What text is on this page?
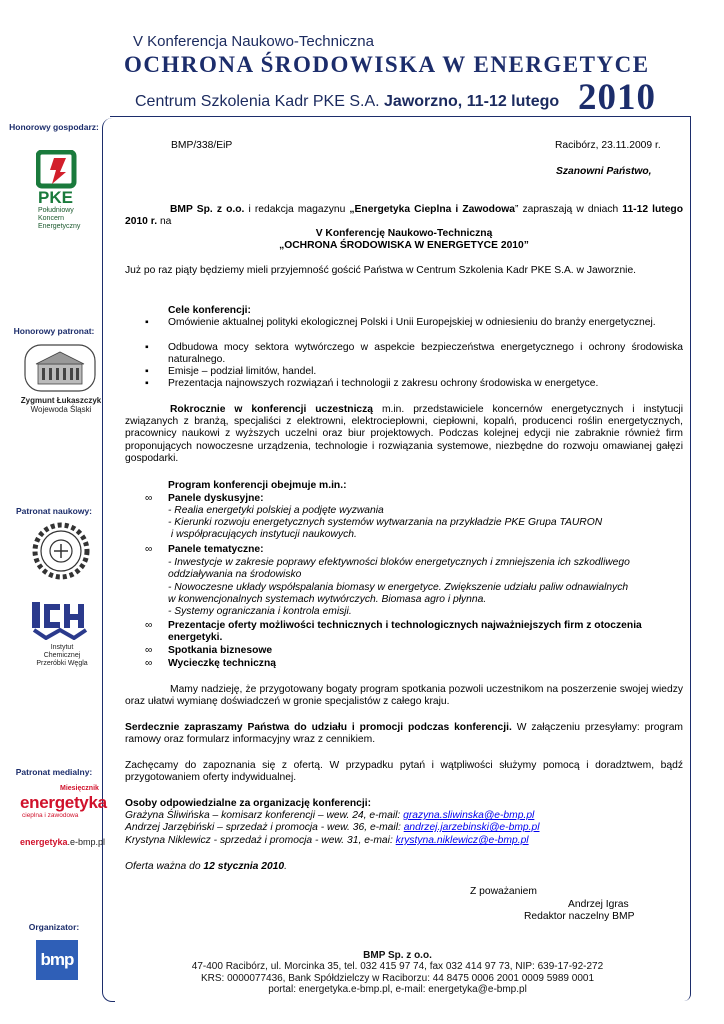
V Konferencja Naukowo-Techniczna
OCHRONA ŚRODOWISKA W ENERGETYCE
Centrum Szkolenia Kadr PKE S.A. Jaworzno, 11-12 lutego 2010
Honorowy gospodarz:
PKE
Południowy
Koncern
Energetyczny
Honorowy patronat:
Zygmunt Łukaszczyk
Wojewoda Śląski
Patronat naukowy:
Instytut
Chemicznej
Przeróbki Węgla
Patronat medialny:
Miesięcznik
energetyka
cieplna i zawodowa
energetyka.e-bmp.pl
Organizator:
bmp
BMP/338/EiP	Racibórz, 23.11.2009 r.
Szanowni Państwo,
BMP Sp. z o.o. i redakcja magazynu „Energetyka Cieplna i Zawodowa” zapraszają w dniach 11-12 lutego 2010 r. na
V Konferencję Naukowo-Techniczną
„OCHRONA ŚRODOWISKA W ENERGETYCE 2010”
Już po raz piąty będziemy mieli przyjemność gościć Państwa w Centrum Szkolenia Kadr PKE S.A. w Jaworznie.
Cele konferencji:
▪ Omówienie aktualnej polityki ekologicznej Polski i Unii Europejskiej w odniesieniu do branży energetycznej.
▪ Odbudowa mocy sektora wytwórczego w aspekcie bezpieczeństwa energetycznego i ochrony środowiska naturalnego.
▪ Emisje – podział limitów, handel.
▪ Prezentacja najnowszych rozwiązań i technologii z zakresu ochrony środowiska w energetyce.
Rokrocznie w konferencji uczestniczą m.in. przedstawiciele koncernów energetycznych i instytucji związanych z branżą, specjaliści z elektrowni, elektrociepłowni, ciepłowni, kopalń, producenci roślin energetycznych, pracownicy naukowi z wyższych uczelni oraz biur projektowych. Podczas kolejnej edycji nie zabraknie również firm proponujących nowoczesne urządzenia, technologie i rozwiązania systemowe, niezbędne do rozwoju omawianej gałęzi gospodarki.
Program konferencji obejmuje m.in.:
∞ Panele dyskusyjne:
- Realia energetyki polskiej a podjęte wyzwania
- Kierunki rozwoju energetycznych systemów wytwarzania na przykładzie PKE Grupa TAURON
i współpracujących instytucji naukowych.
∞ Panele tematyczne:
- Inwestycje w zakresie poprawy efektywności bloków energetycznych i zmniejszenia ich szkodliwego
oddziaływania na środowisko
- Nowoczesne układy współspalania biomasy w energetyce. Zwiększenie udziału paliw odnawialnych
w konwencjonalnych systemach wytwórczych. Biomasa agro i płynna.
- Systemy ograniczania i kontrola emisji.
∞ Prezentacje oferty możliwości technicznych i technologicznych najważniejszych firm z otoczenia
energetyki.
∞ Spotkania biznesowe
∞ Wycieczkę techniczną
Mamy nadzieję, że przygotowany bogaty program spotkania pozwoli uczestnikom na poszerzenie swojej wiedzy oraz ułatwi wymianę doświadczeń w gronie specjalistów z całego kraju.
Serdecznie zapraszamy Państwa do udziału i promocji podczas konferencji. W załączeniu przesyłamy: program ramowy oraz formularz informacyjny wraz z cennikiem.
Zachęcamy do zapoznania się z ofertą. W przypadku pytań i wątpliwości służymy pomocą i doradztwem, bądź przygotowaniem oferty indywidualnej.
Osoby odpowiedzialne za organizację konferencji:
Grażyna Śliwińska – komisarz konferencji – wew. 24, e-mail: grazyna.sliwinska@e-bmp.pl
Andrzej Jarzębiński – sprzedaż i promocja - wew. 36, e-mail: andrzej.jarzebinski@e-bmp.pl
Krystyna Niklewicz - sprzedaż i promocja - wew. 31, e-mai: krystyna.niklewicz@e-bmp.pl
Oferta ważna do 12 stycznia 2010.
Z poważaniem
Andrzej Igras
Redaktor naczelny BMP
BMP Sp. z o.o.
47-400 Racibórz, ul. Morcinka 35, tel. 032 415 97 74, fax 032 414 97 73, NIP: 639-17-92-272
KRS: 0000077436, Bank Spółdzielczy w Raciborzu: 44 8475 0006 2001 0009 5989 0001
portal: energetyka.e-bmp.pl, e-mail: energetyka@e-bmp.pl
